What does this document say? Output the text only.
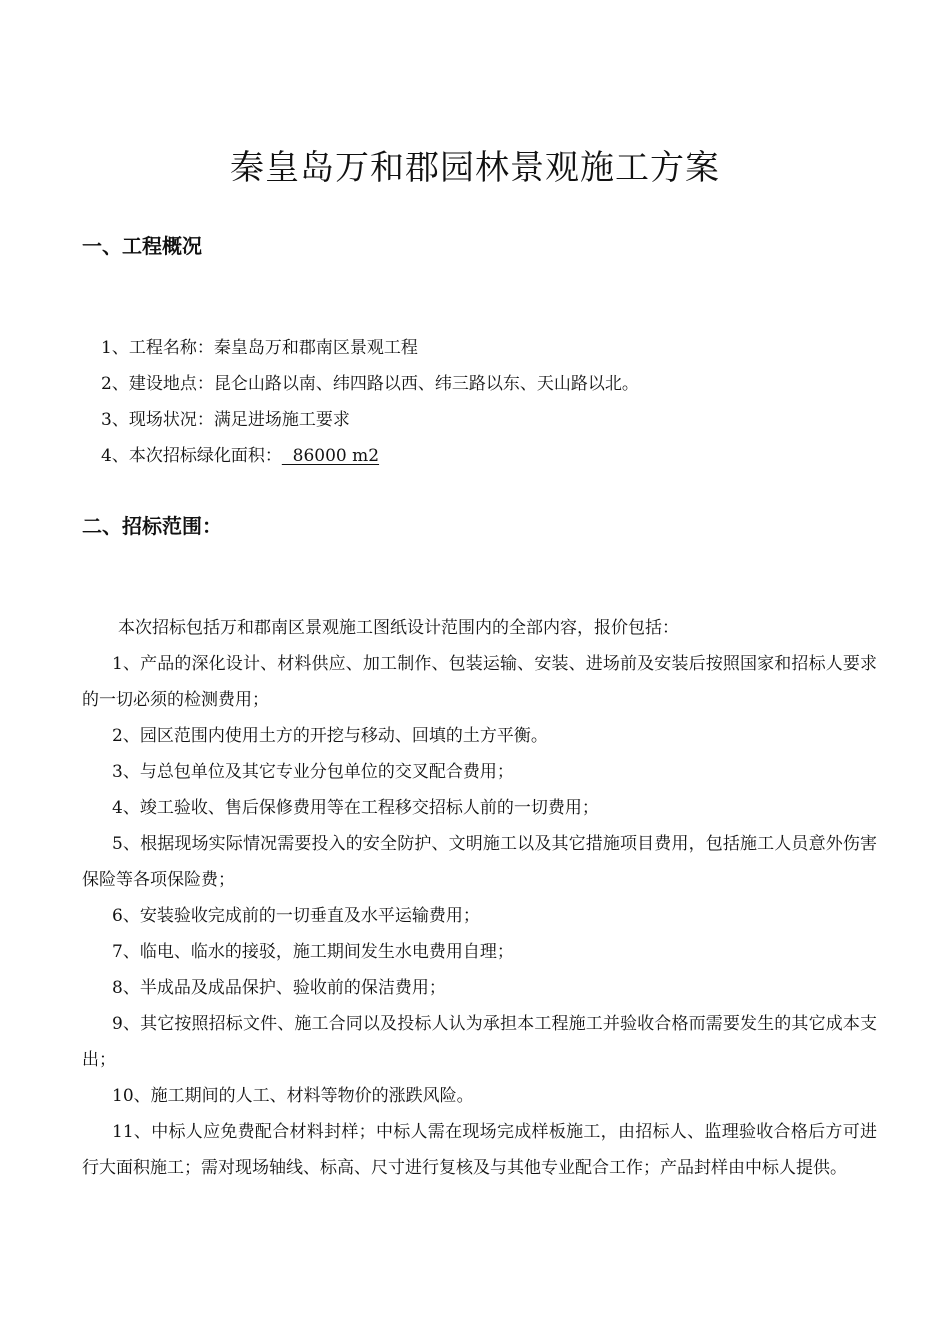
秦皇岛万和郡园林景观施工方案
一、工程概况
1、工程名称：秦皇岛万和郡南区景观工程
2、建设地点：昆仑山路以南、纬四路以西、纬三路以东、天山路以北。
3、现场状况：满足进场施工要求
4、本次招标绿化面积：  86000 m2
二、招标范围：
本次招标包括万和郡南区景观施工图纸设计范围内的全部内容，报价包括：
1、产品的深化设计、材料供应、加工制作、包装运输、安装、进场前及安装后按照国家和招标人要求的一切必须的检测费用；
2、园区范围内使用土方的开挖与移动、回填的土方平衡。
3、与总包单位及其它专业分包单位的交叉配合费用；
4、竣工验收、售后保修费用等在工程移交招标人前的一切费用；
5、根据现场实际情况需要投入的安全防护、文明施工以及其它措施项目费用，包括施工人员意外伤害保险等各项保险费；
6、安装验收完成前的一切垂直及水平运输费用；
7、临电、临水的接驳，施工期间发生水电费用自理；
8、半成品及成品保护、验收前的保洁费用；
9、其它按照招标文件、施工合同以及投标人认为承担本工程施工并验收合格而需要发生的其它成本支出；
10、施工期间的人工、材料等物价的涨跌风险。
11、中标人应免费配合材料封样；中标人需在现场完成样板施工，由招标人、监理验收合格后方可进行大面积施工；需对现场轴线、标高、尺寸进行复核及与其他专业配合工作；产品封样由中标人提供。
